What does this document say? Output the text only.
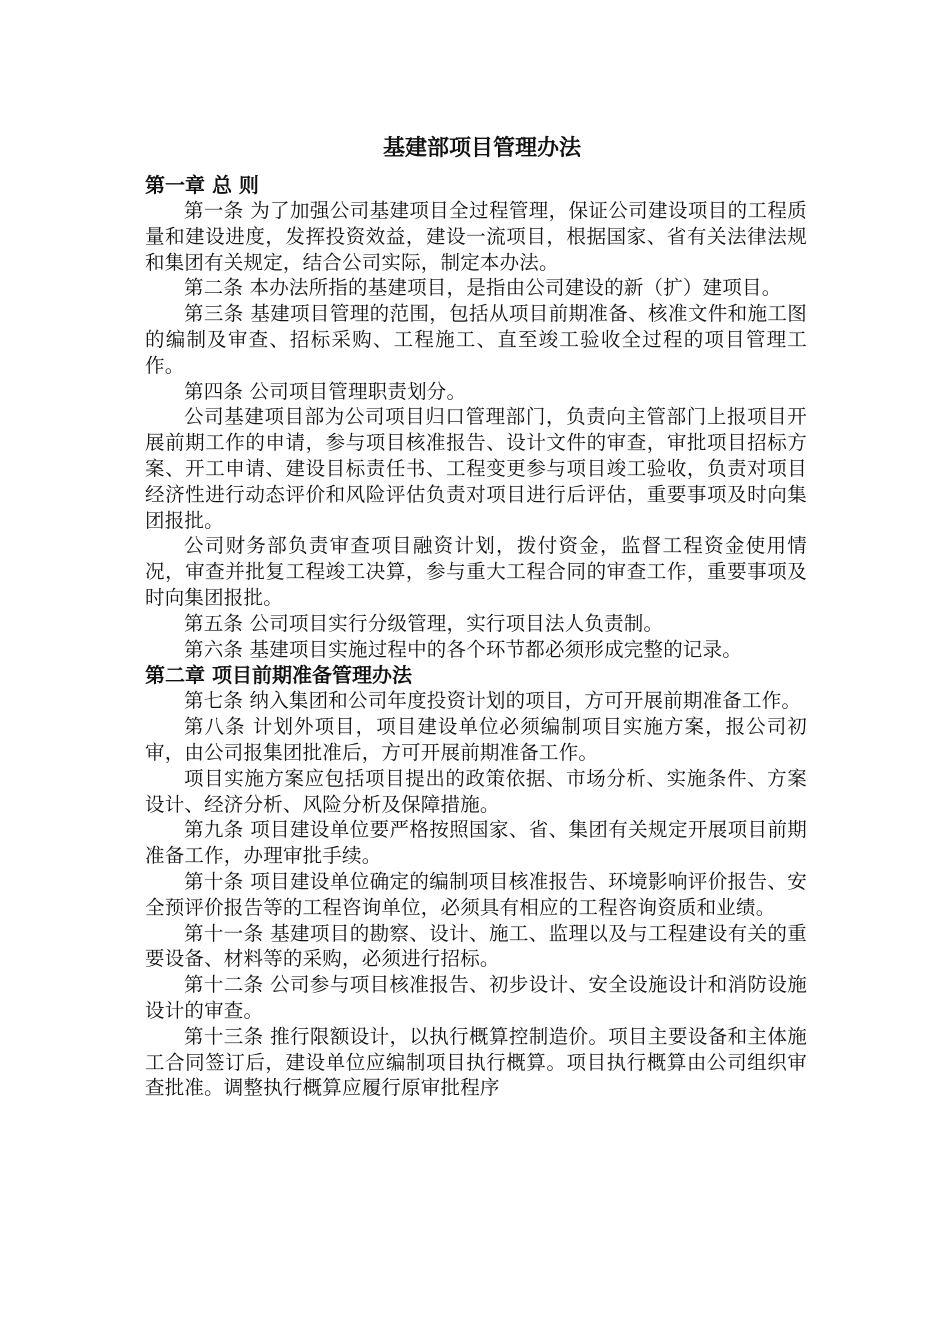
基建部项目管理办法
第一章 总 则

第一条 为了加强公司基建项目全过程管理，保证公司建设项目的工程质量和建设进度，发挥投资效益，建设一流项目，根据国家、省有关法律法规和集团有关规定，结合公司实际，制定本办法。

第二条 本办法所指的基建项目，是指由公司建设的新（扩）建项目。

第三条 基建项目管理的范围，包括从项目前期准备、核准文件和施工图的编制及审查、招标采购、工程施工、直至竣工验收全过程的项目管理工作。

第四条 公司项目管理职责划分。

公司基建项目部为公司项目归口管理部门，负责向主管部门上报项目开展前期工作的申请，参与项目核准报告、设计文件的审查，审批项目招标方案、开工申请、建设目标责任书、工程变更参与项目竣工验收，负责对项目经济性进行动态评价和风险评估负责对项目进行后评估，重要事项及时向集团报批。

公司财务部负责审查项目融资计划，拨付资金，监督工程资金使用情况，审查并批复工程竣工决算，参与重大工程合同的审查工作，重要事项及时向集团报批。

第五条 公司项目实行分级管理，实行项目法人负责制。

第六条 基建项目实施过程中的各个环节都必须形成完整的记录。

第二章 项目前期准备管理办法

第七条 纳入集团和公司年度投资计划的项目，方可开展前期准备工作。

第八条 计划外项目，项目建设单位必须编制项目实施方案，报公司初审，由公司报集团批准后，方可开展前期准备工作。

项目实施方案应包括项目提出的政策依据、市场分析、实施条件、方案设计、经济分析、风险分析及保障措施。

第九条 项目建设单位要严格按照国家、省、集团有关规定开展项目前期准备工作，办理审批手续。

第十条 项目建设单位确定的编制项目核准报告、环境影响评价报告、安全预评价报告等的工程咨询单位，必须具有相应的工程咨询资质和业绩。

第十一条 基建项目的勘察、设计、施工、监理以及与工程建设有关的重要设备、材料等的采购，必须进行招标。

第十二条 公司参与项目核准报告、初步设计、安全设施设计和消防设施设计的审查。

第十三条 推行限额设计，以执行概算控制造价。项目主要设备和主体施工合同签订后，建设单位应编制项目执行概算。项目执行概算由公司组织审查批准。调整执行概算应履行原审批程序
